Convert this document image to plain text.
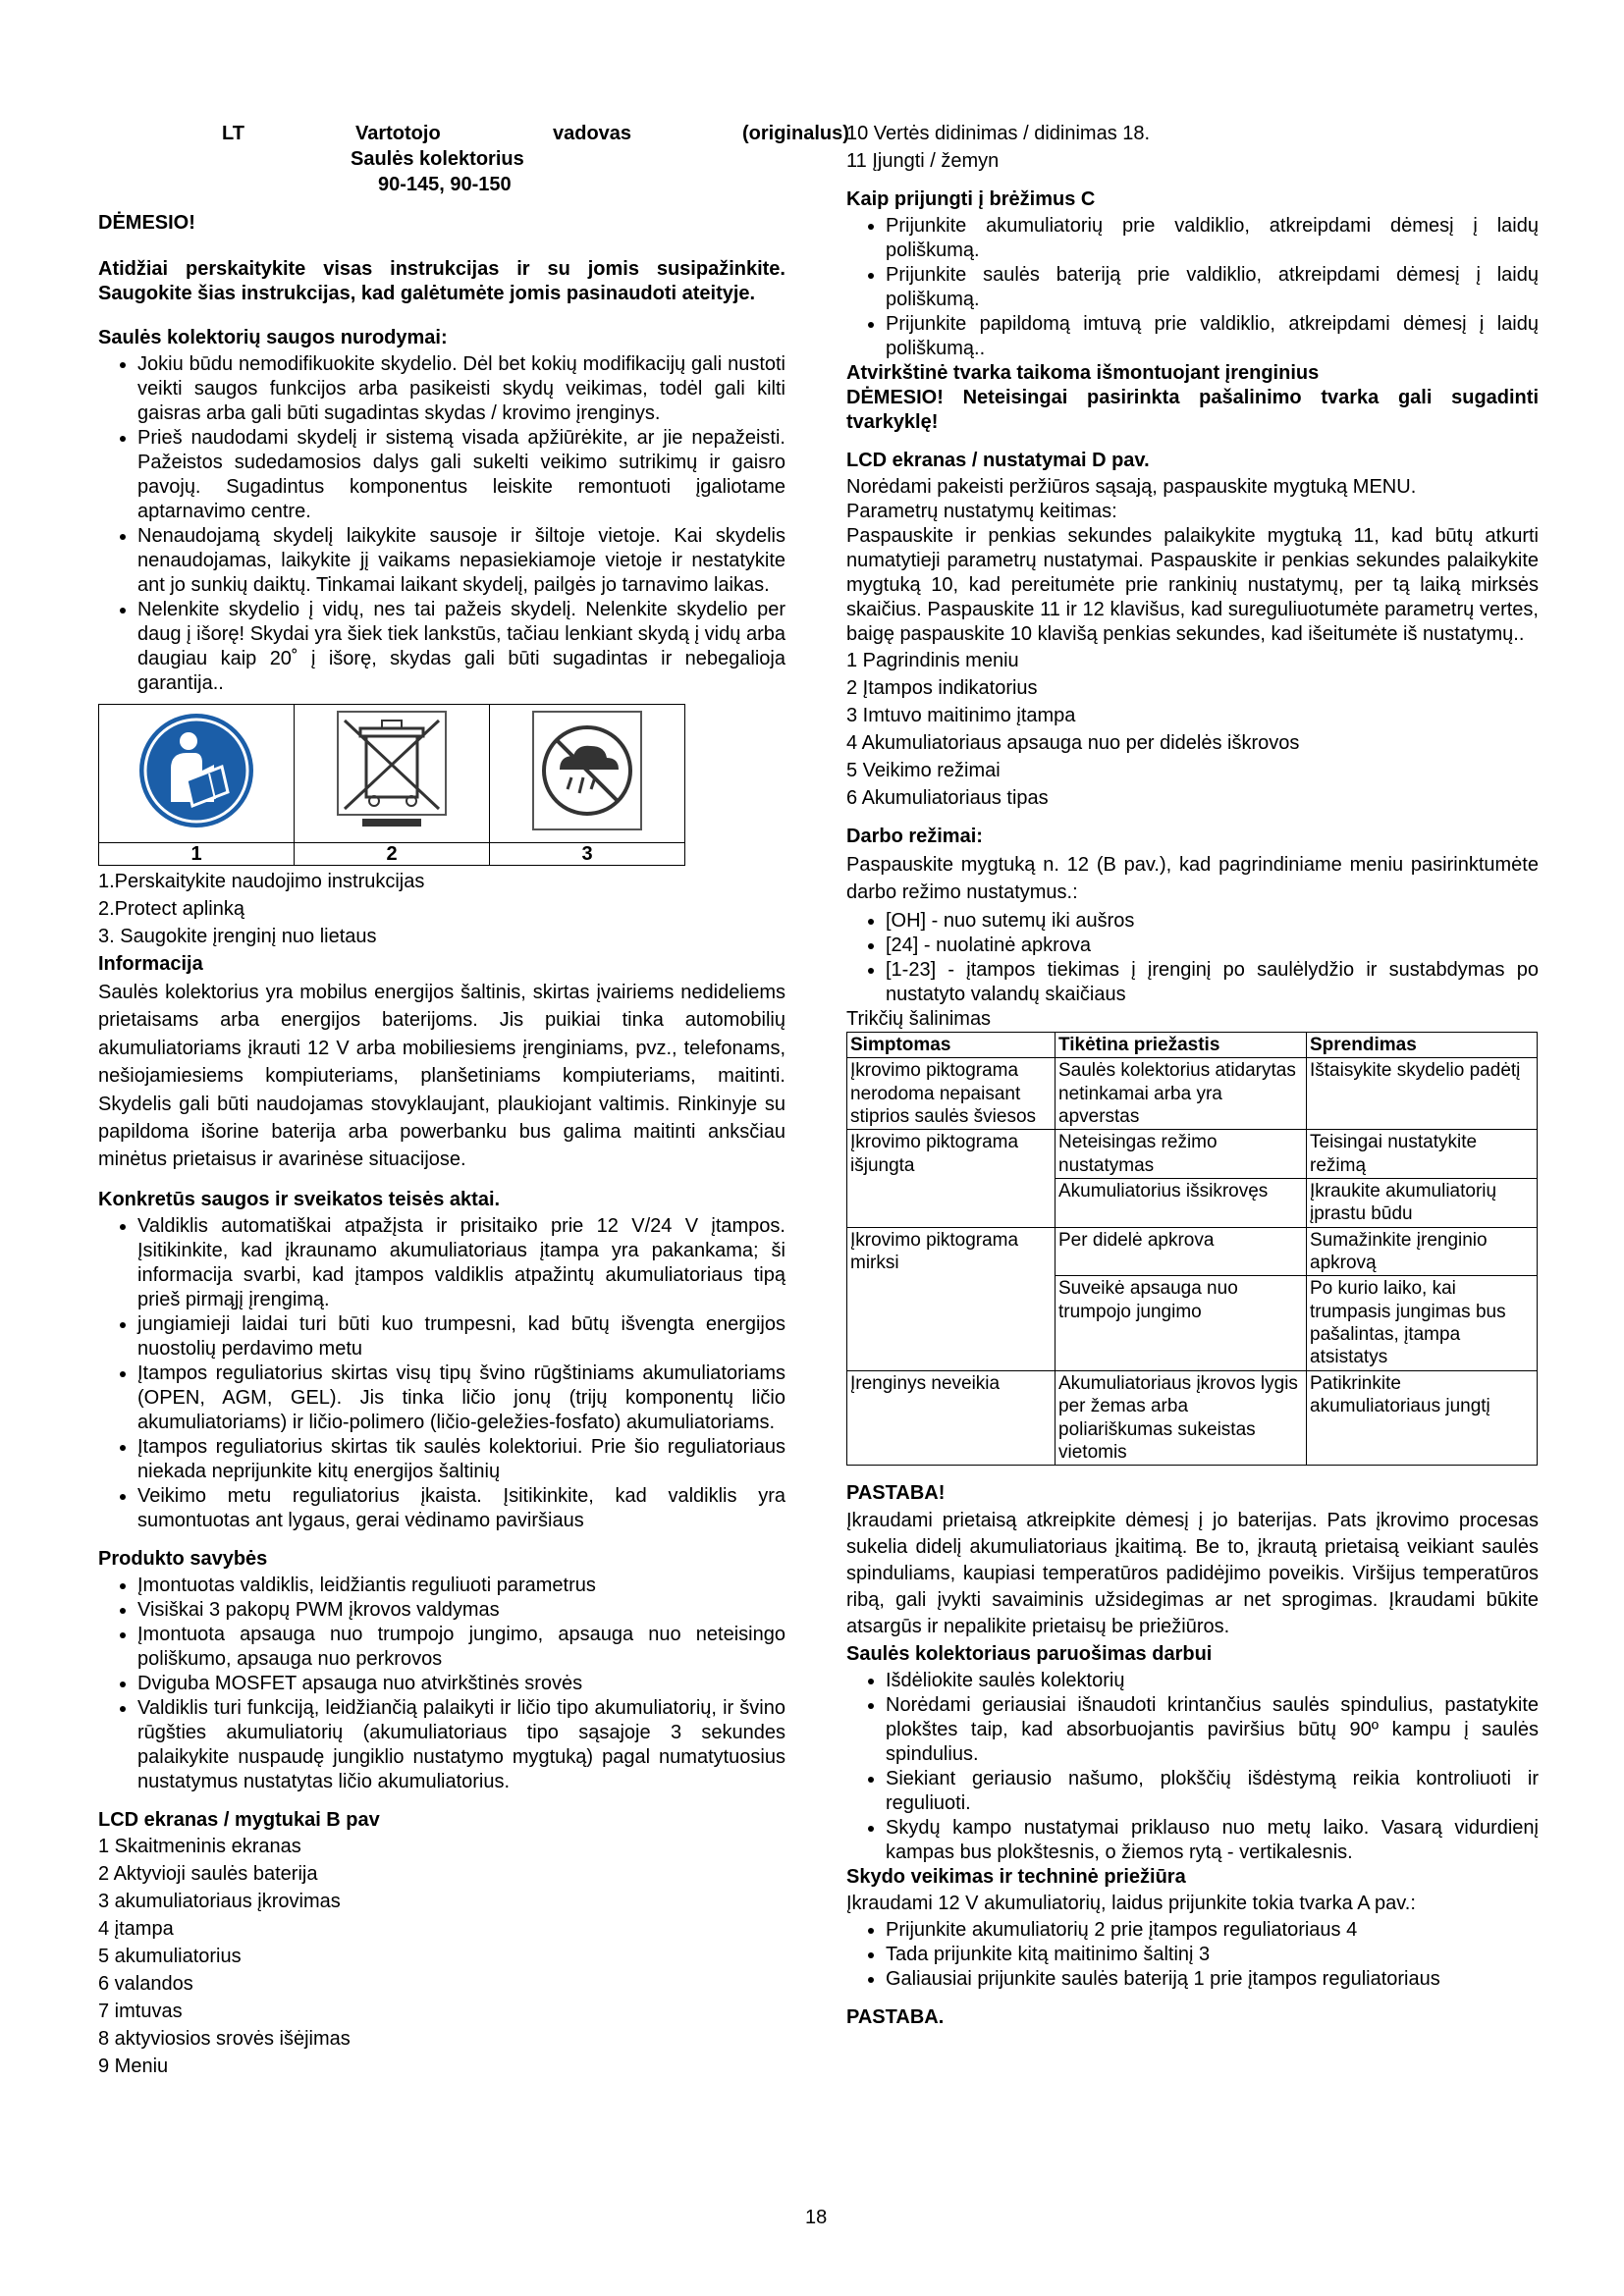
LT	Vartotojo	vadovas	(originalus)
Saulės kolektorius
90-145, 90-150

DĖMESIO!

Atidžiai perskaitykite visas instrukcijas ir su jomis susipažinkite. Saugokite šias instrukcijas, kad galėtumėte jomis pasinaudoti ateityje.

Saulės kolektorių saugos nurodymai:
• Jokiu būdu nemodifikuokite skydelio. Dėl bet kokių modifikacijų gali nustoti veikti saugos funkcijos arba pasikeisti skydų veikimas, todėl gali kilti gaisras arba gali būti sugadintas skydas / krovimo įrenginys.
• Prieš naudodami skydelį ir sistemą visada apžiūrėkite, ar jie nepažeisti. Pažeistos sudedamosios dalys gali sukelti veikimo sutrikimų ir gaisro pavojų. Sugadintus komponentus leiskite remontuoti įgaliotame aptarnavimo centre.
• Nenaudojamą skydelį laikykite sausoje ir šiltoje vietoje. Kai skydelis nenaudojamas, laikykite jį vaikams nepasiekiamoje vietoje ir nestatykite ant jo sunkių daiktų. Tinkamai laikant skydelį, pailgės jo tarnavimo laikas.
• Nelenkite skydelio į vidų, nes tai pažeis skydelį. Nelenkite skydelio per daug į išorę! Skydai yra šiek tiek lankstūs, tačiau lenkiant skydą į vidų arba daugiau kaip 20˚ į išorę, skydas gali būti sugadintas ir nebegalioja garantija..

1	2	3
1.Perskaitykite naudojimo instrukcijas
2.Protect aplinką
3. Saugokite įrenginį nuo lietaus
Informacija

Saulės kolektorius yra mobilus energijos šaltinis, skirtas įvairiems nedideliems prietaisams arba energijos baterijoms. Jis puikiai tinka automobilių akumuliatoriams įkrauti 12 V arba mobiliesiems įrenginiams, pvz., telefonams, nešiojamiesiems kompiuteriams, planšetiniams kompiuteriams, maitinti. Skydelis gali būti naudojamas stovyklaujant, plaukiojant valtimis. Rinkinyje su papildoma išorine baterija arba powerbanku bus galima maitinti anksčiau minėtus prietaisus ir avarinėse situacijose.

Konkretūs saugos ir sveikatos teisės aktai.
• Valdiklis automatiškai atpažįsta ir prisitaiko prie 12 V/24 V įtampos. Įsitikinkite, kad įkraunamo akumuliatoriaus įtampa yra pakankama; ši informacija svarbi, kad įtampos valdiklis atpažintų akumuliatoriaus tipą prieš pirmąjį įrengimą.
• jungiamieji laidai turi būti kuo trumpesni, kad būtų išvengta energijos nuostolių perdavimo metu
• Įtampos reguliatorius skirtas visų tipų švino rūgštiniams akumuliatoriams (OPEN, AGM, GEL). Jis tinka ličio jonų (trijų komponentų ličio akumuliatoriams) ir ličio-polimero (ličio-geležies-fosfato) akumuliatoriams.
• Įtampos reguliatorius skirtas tik saulės kolektoriui. Prie šio reguliatoriaus niekada neprijunkite kitų energijos šaltinių
• Veikimo metu reguliatorius įkaista. Įsitikinkite, kad valdiklis yra sumontuotas ant lygaus, gerai vėdinamo paviršiaus
Produkto savybės
• Įmontuotas valdiklis, leidžiantis reguliuoti parametrus
• Visiškai 3 pakopų PWM įkrovos valdymas
• Įmontuota apsauga nuo trumpojo jungimo, apsauga nuo neteisingo poliškumo, apsauga nuo perkrovos
• Dviguba MOSFET apsauga nuo atvirkštinės srovės
• Valdiklis turi funkciją, leidžiančią palaikyti ir ličio tipo akumuliatorių, ir švino rūgšties akumuliatorių (akumuliatoriaus tipo sąsajoje 3 sekundes palaikykite nuspaudę jungiklio nustatymo mygtuką) pagal numatytuosius nustatymus nustatytas ličio akumuliatorius.
LCD ekranas / mygtukai B pav
1 Skaitmeninis ekranas
2 Aktyvioji saulės baterija
3 akumuliatoriaus įkrovimas
4 įtampa
5 akumuliatorius
6 valandos
7 imtuvas
8 aktyviosios srovės išėjimas
9 Meniu
10 Vertės didinimas / didinimas 18.
11 Įjungti / žemyn
Kaip prijungti į brėžimus C
• Prijunkite akumuliatorių prie valdiklio, atkreipdami dėmesį į laidų poliškumą.
• Prijunkite saulės bateriją prie valdiklio, atkreipdami dėmesį į laidų poliškumą.
• Prijunkite papildomą imtuvą prie valdiklio, atkreipdami dėmesį į laidų poliškumą..

Atvirkštinė tvarka taikoma išmontuojant įrenginius

DĖMESIO! Neteisingai pasirinkta pašalinimo tvarka gali sugadinti tvarkyklę!

LCD ekranas / nustatymai D pav.

Norėdami pakeisti peržiūros sąsają, paspauskite mygtuką MENU.

Parametrų nustatymų keitimas:

Paspauskite ir penkias sekundes palaikykite mygtuką 11, kad būtų atkurti numatytieji parametrų nustatymai. Paspauskite ir penkias sekundes palaikykite mygtuką 10, kad pereitumėte prie rankinių nustatymų, per tą laiką mirksės skaičius. Paspauskite 11 ir 12 klavišus, kad sureguliuotumėte parametrų vertes, baigę paspauskite 10 klavišą penkias sekundes, kad išeitumėte iš nustatymų..

1 Pagrindinis meniu
2 Įtampos indikatorius
3 Imtuvo maitinimo įtampa
4 Akumuliatoriaus apsauga nuo per didelės iškrovos
5 Veikimo režimai
6 Akumuliatoriaus tipas
Darbo režimai:

Paspauskite mygtuką n. 12 (B pav.), kad pagrindiniame meniu pasirinktumėte darbo režimo nustatymus.:

• [OH] - nuo sutemų iki aušros
• [24] - nuolatinė apkrova
• [1-23] - įtampos tiekimas į įrenginį po saulėlydžio ir sustabdymas po nustatyto valandų skaičiaus
Trikčių šalinimas
Simptomas	Tikėtina priežastis	Sprendimas
Įkrovimo piktograma nerodoma nepaisant stiprios saulės šviesos	Saulės kolektorius atidarytas netinkamai arba yra apverstas	Ištaisykite skydelio padėtį
Įkrovimo piktograma išjungta	Neteisingas režimo nustatymas	Teisingai nustatykite režimą
	Akumuliatorius išsikrovęs	Įkraukite akumuliatorių įprastu būdu
Įkrovimo piktograma mirksi	Per didelė apkrova	Sumažinkite įrenginio apkrovą
	Suveikė apsauga nuo trumpojo jungimo	Po kurio laiko, kai trumpasis jungimas bus pašalintas, įtampa atsistatys
Įrenginys neveikia	Akumuliatoriaus įkrovos lygis per žemas arba poliariškumas sukeistas vietomis	Patikrinkite akumuliatoriaus jungtį
PASTABA!

Įkraudami prietaisą atkreipkite dėmesį į jo baterijas. Pats įkrovimo procesas sukelia didelį akumuliatoriaus įkaitimą. Be to, įkrautą prietaisą veikiant saulės spinduliams, kaupiasi temperatūros padidėjimo poveikis. Viršijus temperatūros ribą, gali įvykti savaiminis užsidegimas ar net sprogimas. Įkraudami būkite atsargūs ir nepalikite prietaisų be priežiūros.

Saulės kolektoriaus paruošimas darbui
• Išdėliokite saulės kolektorių
• Norėdami geriausiai išnaudoti krintančius saulės spindulius, pastatykite plokštes taip, kad absorbuojantis paviršius būtų 90º kampu į saulės spindulius.
• Siekiant geriausio našumo, plokščių išdėstymą reikia kontroliuoti ir reguliuoti.
• Skydų kampo nustatymai priklauso nuo metų laiko. Vasarą vidurdienį kampas bus plokštesnis, o žiemos rytą - vertikalesnis.
Skydo veikimas ir techninė priežiūra

Įkraudami 12 V akumuliatorių, laidus prijunkite tokia tvarka A pav.:

• Prijunkite akumuliatorių 2 prie įtampos reguliatoriaus 4
• Tada prijunkite kitą maitinimo šaltinį 3
• Galiausiai prijunkite saulės bateriją 1 prie įtampos reguliatoriaus
PASTABA.
18
